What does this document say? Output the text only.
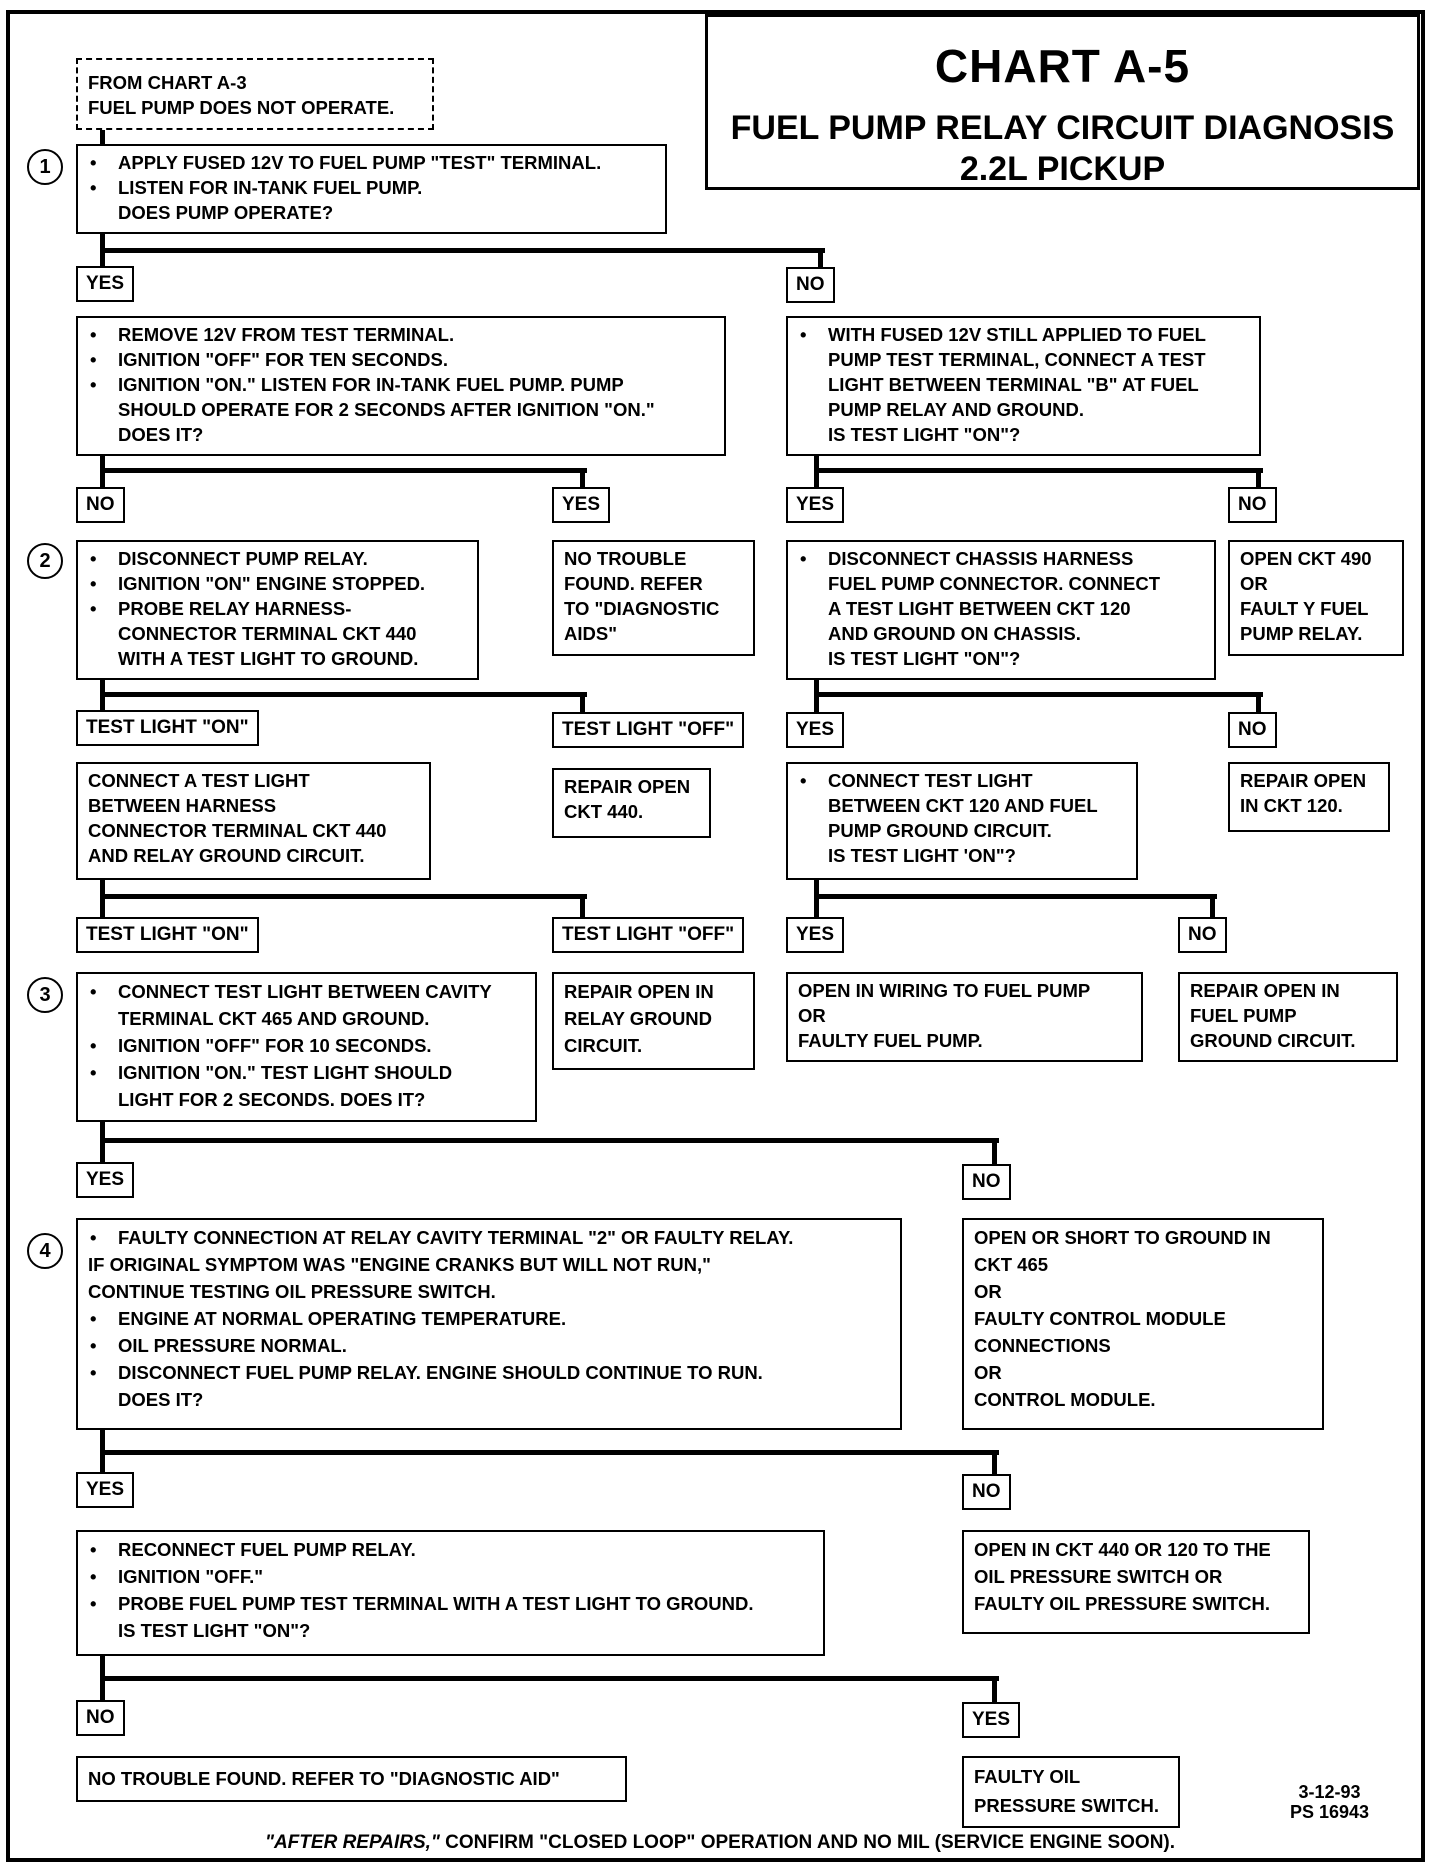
CHART A-5
FUEL PUMP RELAY CIRCUIT DIAGNOSIS
2.2L PICKUP
FROM CHART A-3
FUEL PUMP DOES NOT OPERATE.
1
2
3
4
• APPLY FUSED 12V TO FUEL PUMP "TEST" TERMINAL.
• LISTEN FOR IN-TANK FUEL PUMP.
DOES PUMP OPERATE?
• REMOVE 12V FROM TEST TERMINAL.
• IGNITION "OFF" FOR TEN SECONDS.
• IGNITION "ON." LISTEN FOR IN-TANK FUEL PUMP. PUMP
SHOULD OPERATE FOR 2 SECONDS AFTER IGNITION "ON."
DOES IT?
• WITH FUSED 12V STILL APPLIED TO FUEL
PUMP TEST TERMINAL, CONNECT A TEST
LIGHT BETWEEN TERMINAL "B" AT FUEL
PUMP RELAY AND GROUND.
IS TEST LIGHT "ON"?
• DISCONNECT PUMP RELAY.
• IGNITION "ON" ENGINE STOPPED.
• PROBE RELAY HARNESS-
CONNECTOR TERMINAL CKT 440
WITH A TEST LIGHT TO GROUND.
NO TROUBLE
FOUND. REFER
TO "DIAGNOSTIC
AIDS"
• DISCONNECT CHASSIS HARNESS
FUEL PUMP CONNECTOR. CONNECT
A TEST LIGHT BETWEEN CKT 120
AND GROUND ON CHASSIS.
IS TEST LIGHT "ON"?
OPEN CKT 490
OR
FAULT Y FUEL
PUMP RELAY.
CONNECT A TEST LIGHT
BETWEEN HARNESS
CONNECTOR TERMINAL CKT 440
AND RELAY GROUND CIRCUIT.
REPAIR OPEN
CKT 440.
• CONNECT TEST LIGHT
BETWEEN CKT 120 AND FUEL
PUMP GROUND CIRCUIT.
IS TEST LIGHT 'ON"?
REPAIR OPEN
IN CKT 120.
• CONNECT TEST LIGHT BETWEEN CAVITY
TERMINAL CKT 465 AND GROUND.
• IGNITION "OFF" FOR 10 SECONDS.
• IGNITION "ON." TEST LIGHT SHOULD
LIGHT FOR 2 SECONDS. DOES IT?
REPAIR OPEN IN
RELAY GROUND
CIRCUIT.
OPEN IN WIRING TO FUEL PUMP
OR
FAULTY FUEL PUMP.
REPAIR OPEN IN
FUEL PUMP
GROUND CIRCUIT.
• FAULTY CONNECTION AT RELAY CAVITY TERMINAL "2" OR FAULTY RELAY.
IF ORIGINAL SYMPTOM WAS "ENGINE CRANKS BUT WILL NOT RUN,"
CONTINUE TESTING OIL PRESSURE SWITCH.
• ENGINE AT NORMAL OPERATING TEMPERATURE.
• OIL PRESSURE NORMAL.
• DISCONNECT FUEL PUMP RELAY. ENGINE SHOULD CONTINUE TO RUN.
DOES IT?
OPEN OR SHORT TO GROUND IN
CKT 465
OR
FAULTY CONTROL MODULE
CONNECTIONS
OR
CONTROL MODULE.
• RECONNECT FUEL PUMP RELAY.
• IGNITION "OFF."
• PROBE FUEL PUMP TEST TERMINAL WITH A TEST LIGHT TO GROUND.
IS TEST LIGHT "ON"?
OPEN IN CKT 440 OR 120 TO THE
OIL PRESSURE SWITCH OR
FAULTY OIL PRESSURE SWITCH.
NO TROUBLE FOUND. REFER TO "DIAGNOSTIC AID"	FAULTY OIL
PRESSURE SWITCH.
YES	NO
NO	YES	YES	NO
TEST LIGHT "ON"	TEST LIGHT "OFF"	YES	NO
TEST LIGHT "ON"	TEST LIGHT "OFF"	YES	NO
YES	NO
YES	NO
NO	YES
"AFTER REPAIRS," CONFIRM "CLOSED LOOP" OPERATION AND NO MIL (SERVICE ENGINE SOON).
3-12-93
PS 16943
